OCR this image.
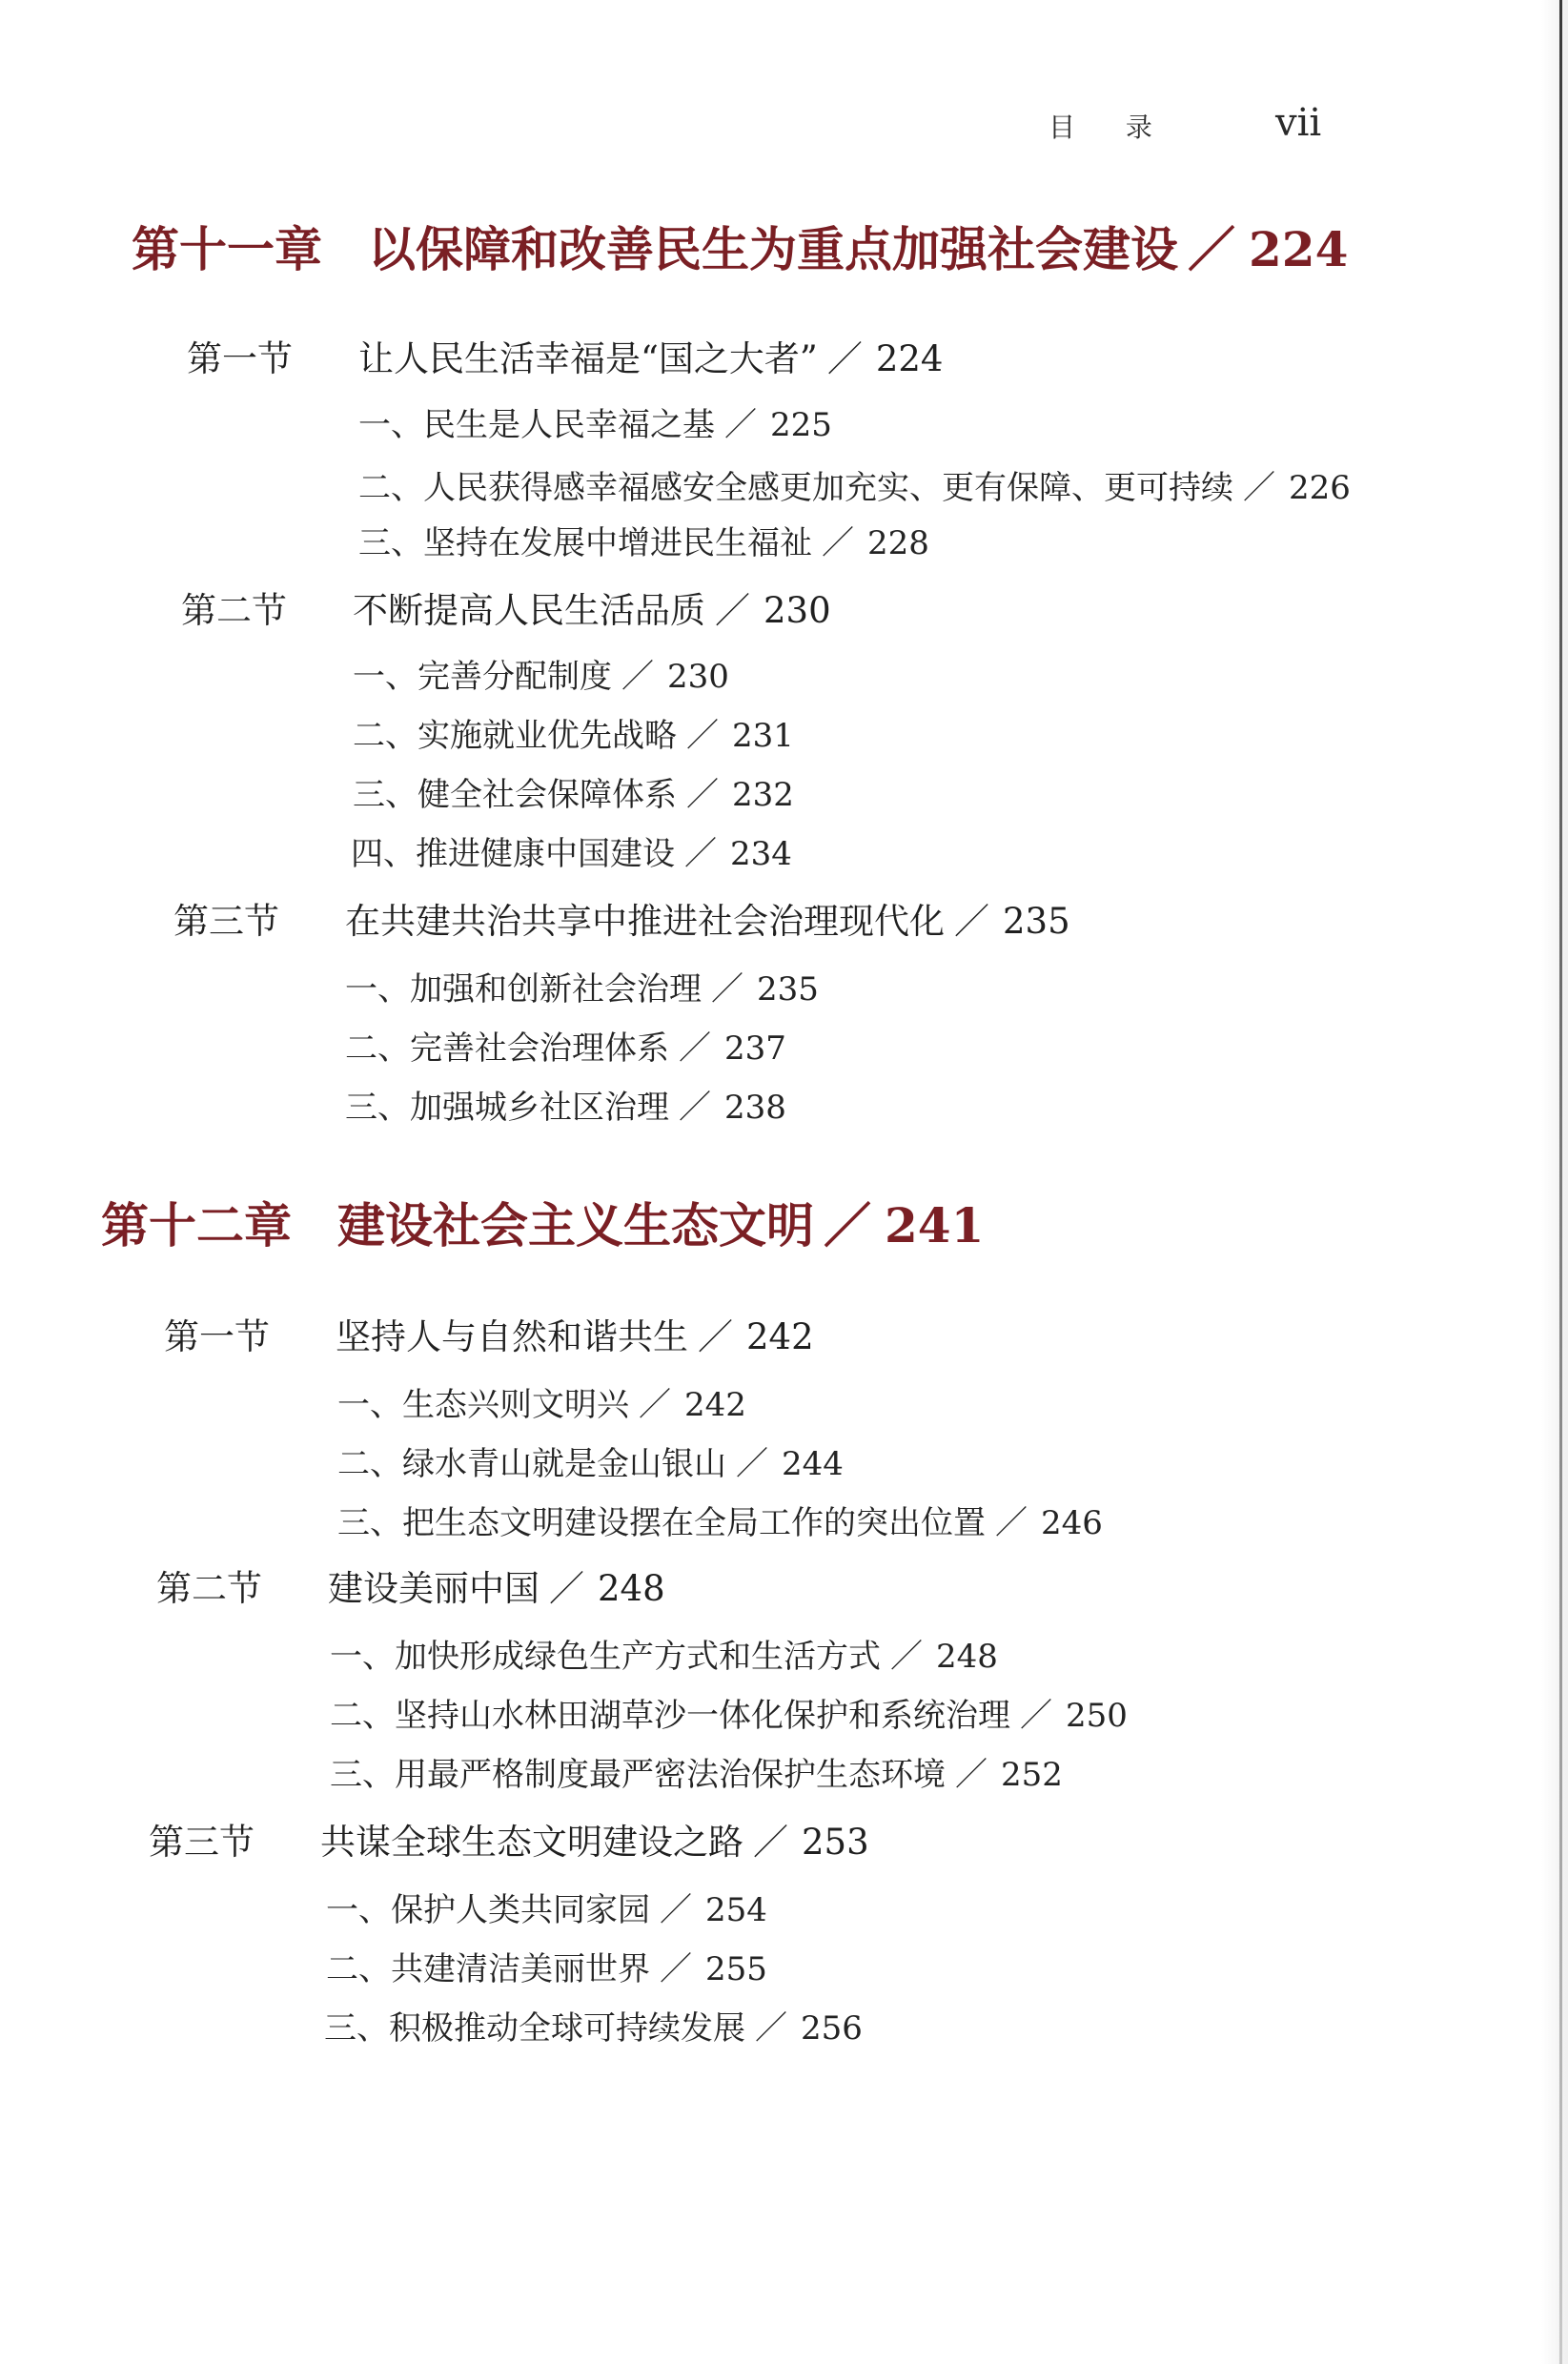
目 录	vii
第十一章 以保障和改善民生为重点加强社会建设 ／ 224
第一节	让人民生活幸福是“国之大者” ／ 224
一、民生是人民幸福之基 ／ 225
二、人民获得感幸福感安全感更加充实、更有保障、更可持续 ／ 226
三、坚持在发展中增进民生福祉 ／ 228
第二节	不断提高人民生活品质 ／ 230
一、完善分配制度 ／ 230
二、实施就业优先战略 ／ 231
三、健全社会保障体系 ／ 232
四、推进健康中国建设 ／ 234
第三节	在共建共治共享中推进社会治理现代化 ／ 235
一、加强和创新社会治理 ／ 235
二、完善社会治理体系 ／ 237
三、加强城乡社区治理 ／ 238
第十二章 建设社会主义生态文明 ／ 241
第一节	坚持人与自然和谐共生 ／ 242
一、生态兴则文明兴 ／ 242
二、绿水青山就是金山银山 ／ 244
三、把生态文明建设摆在全局工作的突出位置 ／ 246
第二节	建设美丽中国 ／ 248
一、加快形成绿色生产方式和生活方式 ／ 248
二、坚持山水林田湖草沙一体化保护和系统治理 ／ 250
三、用最严格制度最严密法治保护生态环境 ／ 252
第三节	共谋全球生态文明建设之路 ／ 253
一、保护人类共同家园 ／ 254
二、共建清洁美丽世界 ／ 255
三、积极推动全球可持续发展 ／ 256
